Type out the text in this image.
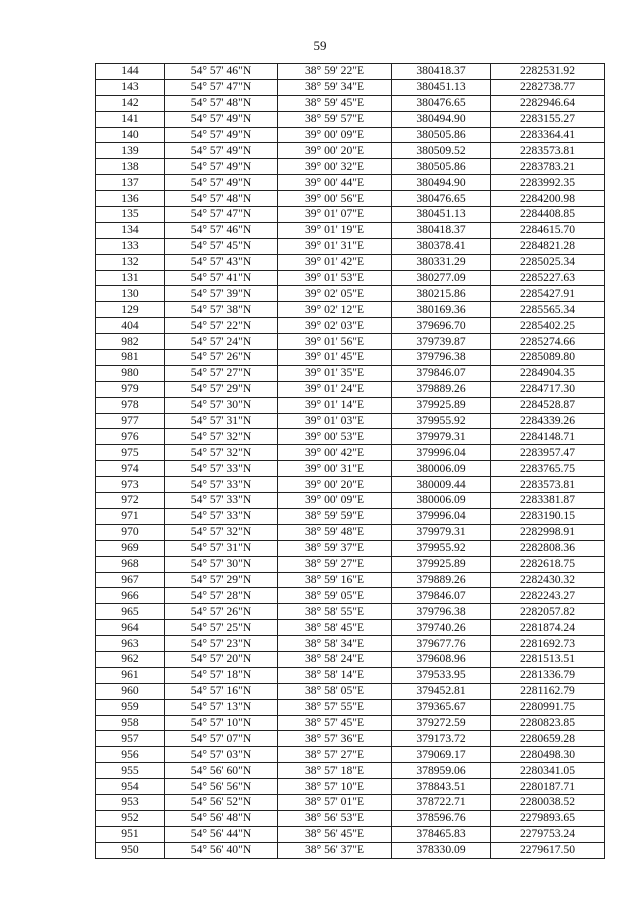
59
144	54° 57' 46"N	38° 59' 22"E	380418.37	2282531.92
143	54° 57' 47"N	38° 59' 34"E	380451.13	2282738.77
142	54° 57' 48"N	38° 59' 45"E	380476.65	2282946.64
141	54° 57' 49"N	38° 59' 57"E	380494.90	2283155.27
140	54° 57' 49"N	39° 00' 09"E	380505.86	2283364.41
139	54° 57' 49"N	39° 00' 20"E	380509.52	2283573.81
138	54° 57' 49"N	39° 00' 32"E	380505.86	2283783.21
137	54° 57' 49"N	39° 00' 44"E	380494.90	2283992.35
136	54° 57' 48"N	39° 00' 56"E	380476.65	2284200.98
135	54° 57' 47"N	39° 01' 07"E	380451.13	2284408.85
134	54° 57' 46"N	39° 01' 19"E	380418.37	2284615.70
133	54° 57' 45"N	39° 01' 31"E	380378.41	2284821.28
132	54° 57' 43"N	39° 01' 42"E	380331.29	2285025.34
131	54° 57' 41"N	39° 01' 53"E	380277.09	2285227.63
130	54° 57' 39"N	39° 02' 05"E	380215.86	2285427.91
129	54° 57' 38"N	39° 02' 12"E	380169.36	2285565.34
404	54° 57' 22"N	39° 02' 03"E	379696.70	2285402.25
982	54° 57' 24"N	39° 01' 56"E	379739.87	2285274.66
981	54° 57' 26"N	39° 01' 45"E	379796.38	2285089.80
980	54° 57' 27"N	39° 01' 35"E	379846.07	2284904.35
979	54° 57' 29"N	39° 01' 24"E	379889.26	2284717.30
978	54° 57' 30"N	39° 01' 14"E	379925.89	2284528.87
977	54° 57' 31"N	39° 01' 03"E	379955.92	2284339.26
976	54° 57' 32"N	39° 00' 53"E	379979.31	2284148.71
975	54° 57' 32"N	39° 00' 42"E	379996.04	2283957.47
974	54° 57' 33"N	39° 00' 31"E	380006.09	2283765.75
973	54° 57' 33"N	39° 00' 20"E	380009.44	2283573.81
972	54° 57' 33"N	39° 00' 09"E	380006.09	2283381.87
971	54° 57' 33"N	38° 59' 59"E	379996.04	2283190.15
970	54° 57' 32"N	38° 59' 48"E	379979.31	2282998.91
969	54° 57' 31"N	38° 59' 37"E	379955.92	2282808.36
968	54° 57' 30"N	38° 59' 27"E	379925.89	2282618.75
967	54° 57' 29"N	38° 59' 16"E	379889.26	2282430.32
966	54° 57' 28"N	38° 59' 05"E	379846.07	2282243.27
965	54° 57' 26"N	38° 58' 55"E	379796.38	2282057.82
964	54° 57' 25"N	38° 58' 45"E	379740.26	2281874.24
963	54° 57' 23"N	38° 58' 34"E	379677.76	2281692.73
962	54° 57' 20"N	38° 58' 24"E	379608.96	2281513.51
961	54° 57' 18"N	38° 58' 14"E	379533.95	2281336.79
960	54° 57' 16"N	38° 58' 05"E	379452.81	2281162.79
959	54° 57' 13"N	38° 57' 55"E	379365.67	2280991.75
958	54° 57' 10"N	38° 57' 45"E	379272.59	2280823.85
957	54° 57' 07"N	38° 57' 36"E	379173.72	2280659.28
956	54° 57' 03"N	38° 57' 27"E	379069.17	2280498.30
955	54° 56' 60"N	38° 57' 18"E	378959.06	2280341.05
954	54° 56' 56"N	38° 57' 10"E	378843.51	2280187.71
953	54° 56' 52"N	38° 57' 01"E	378722.71	2280038.52
952	54° 56' 48"N	38° 56' 53"E	378596.76	2279893.65
951	54° 56' 44"N	38° 56' 45"E	378465.83	2279753.24
950	54° 56' 40"N	38° 56' 37"E	378330.09	2279617.50
